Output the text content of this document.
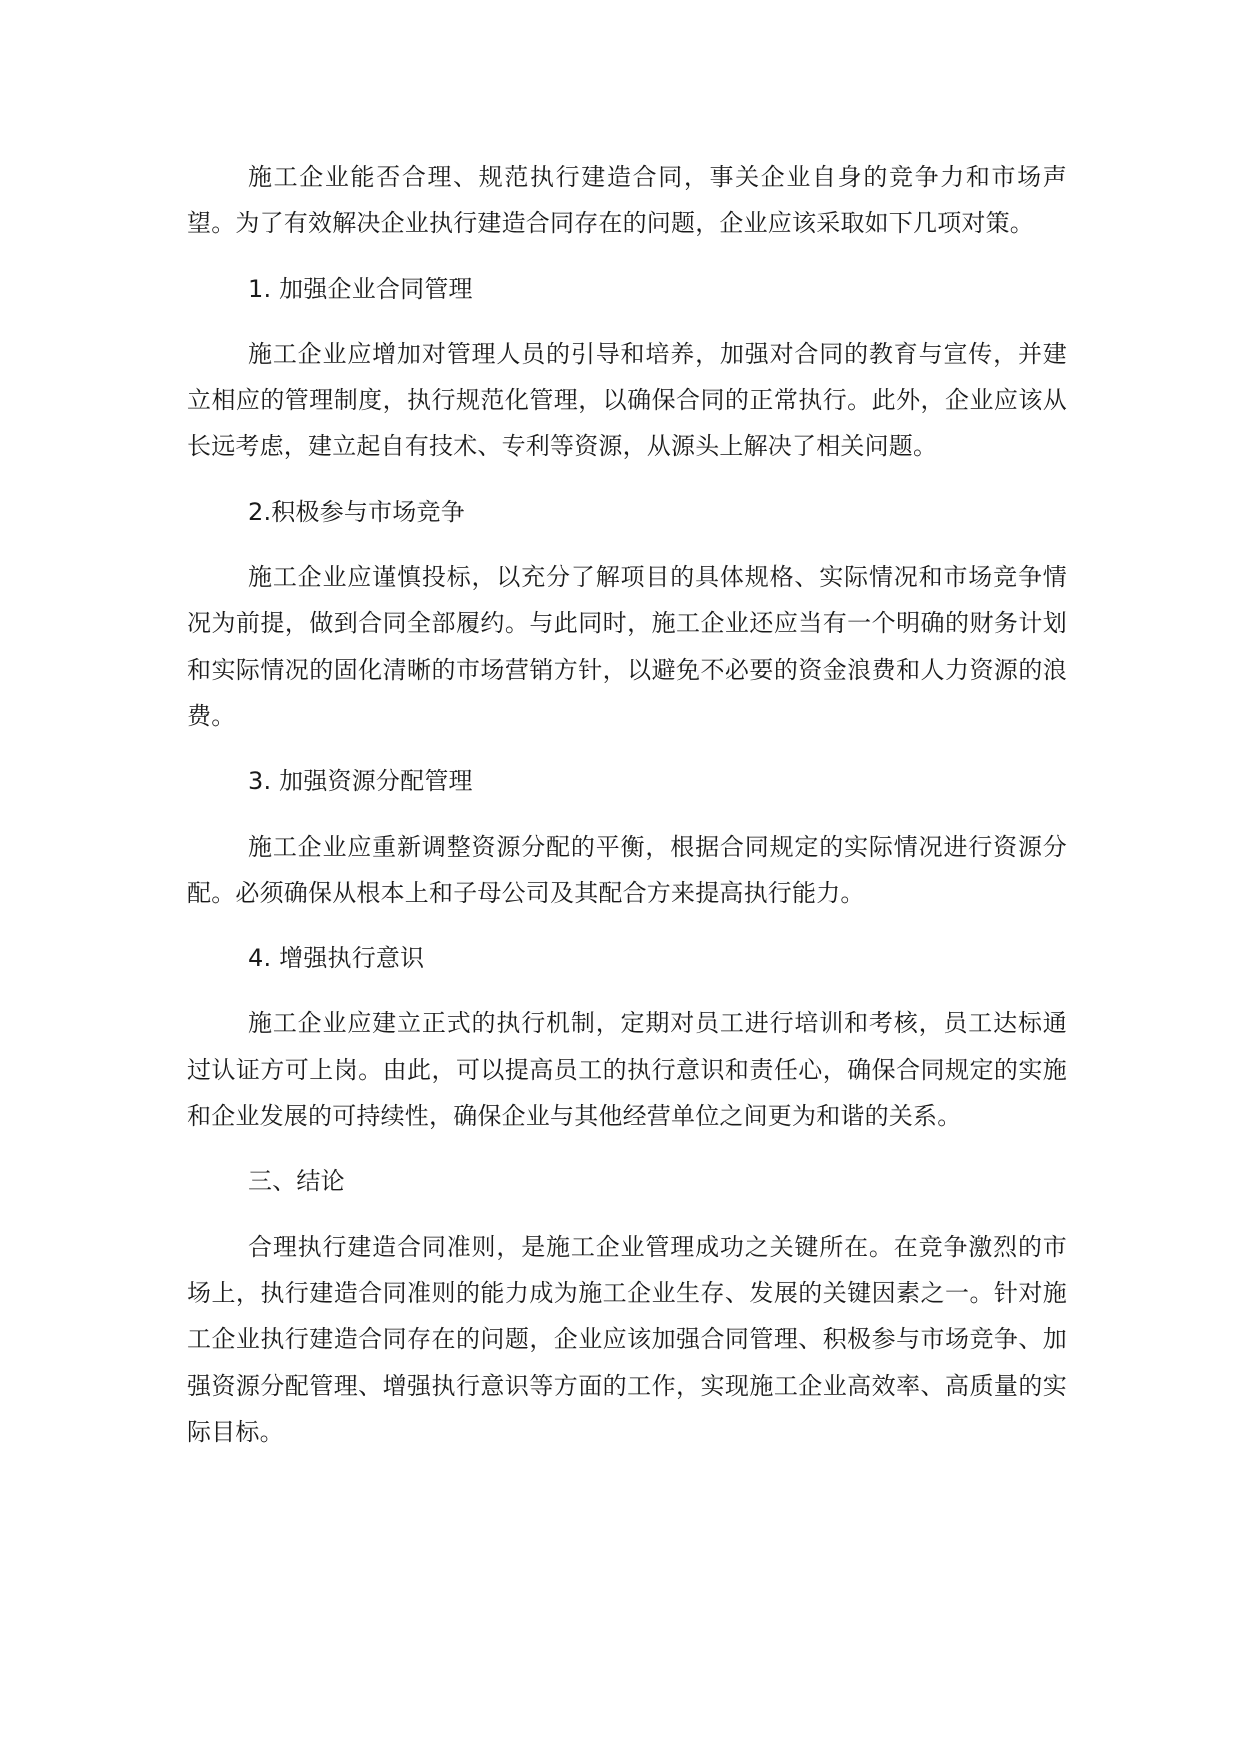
施工企业能否合理、规范执行建造合同，事关企业自身的竞争力和市场声望。为了有效解决企业执行建造合同存在的问题，企业应该采取如下几项对策。

1. 加强企业合同管理

施工企业应增加对管理人员的引导和培养，加强对合同的教育与宣传，并建立相应的管理制度，执行规范化管理，以确保合同的正常执行。此外，企业应该从长远考虑，建立起自有技术、专利等资源，从源头上解决了相关问题。

2.积极参与市场竞争

施工企业应谨慎投标，以充分了解项目的具体规格、实际情况和市场竞争情况为前提，做到合同全部履约。与此同时，施工企业还应当有一个明确的财务计划和实际情况的固化清晰的市场营销方针，以避免不必要的资金浪费和人力资源的浪费。

3. 加强资源分配管理

施工企业应重新调整资源分配的平衡，根据合同规定的实际情况进行资源分配。必须确保从根本上和子母公司及其配合方来提高执行能力。

4. 增强执行意识

施工企业应建立正式的执行机制，定期对员工进行培训和考核，员工达标通过认证方可上岗。由此，可以提高员工的执行意识和责任心，确保合同规定的实施和企业发展的可持续性，确保企业与其他经营单位之间更为和谐的关系。

三、结论

合理执行建造合同准则，是施工企业管理成功之关键所在。在竞争激烈的市场上，执行建造合同准则的能力成为施工企业生存、发展的关键因素之一。针对施工企业执行建造合同存在的问题，企业应该加强合同管理、积极参与市场竞争、加强资源分配管理、增强执行意识等方面的工作，实现施工企业高效率、高质量的实际目标。
